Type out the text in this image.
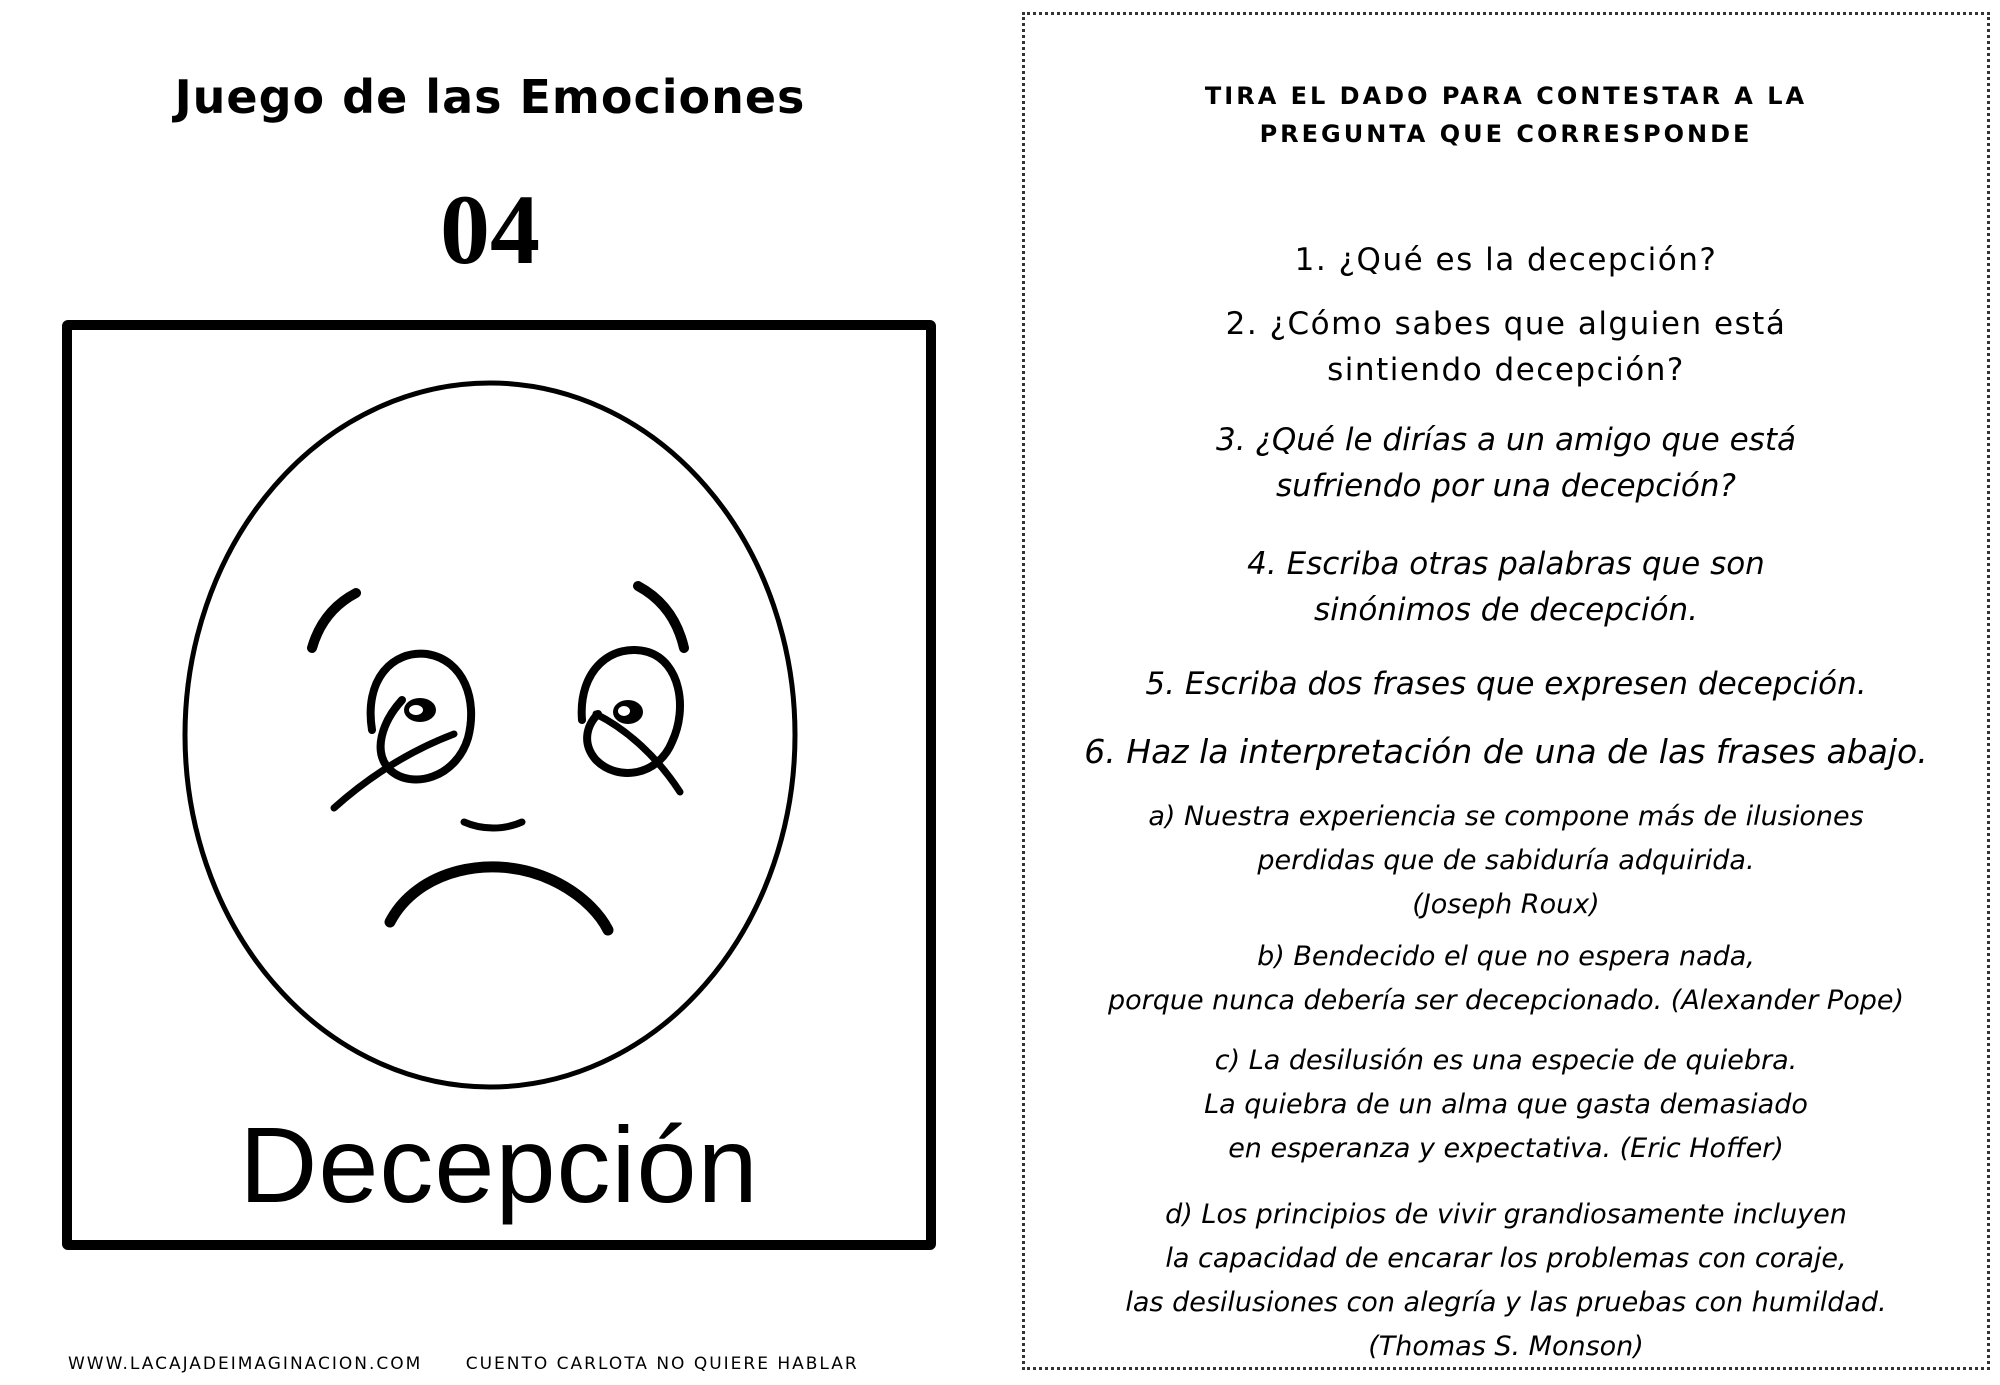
Juego de las Emociones
04
Decepción
WWW.LACAJADEIMAGINACION.COM	CUENTO CARLOTA NO QUIERE HABLAR
TIRA EL DADO PARA CONTESTAR A LA
PREGUNTA QUE CORRESPONDE
1. ¿Qué es la decepción?
2. ¿Cómo sabes que alguien está
sintiendo decepción?
3. ¿Qué le dirías a un amigo que está
sufriendo por una decepción?
4. Escriba otras palabras que son
sinónimos de decepción.
5. Escriba dos frases que expresen decepción.
6. Haz la interpretación de una de las frases abajo.
a) Nuestra experiencia se compone más de ilusiones
perdidas que de sabiduría adquirida.
(Joseph Roux)
b) Bendecido el que no espera nada,
porque nunca debería ser decepcionado. (Alexander Pope)
c) La desilusión es una especie de quiebra.
La quiebra de un alma que gasta demasiado
en esperanza y expectativa. (Eric Hoffer)
d) Los principios de vivir grandiosamente incluyen
la capacidad de encarar los problemas con coraje,
las desilusiones con alegría y las pruebas con humildad.
(Thomas S. Monson)
